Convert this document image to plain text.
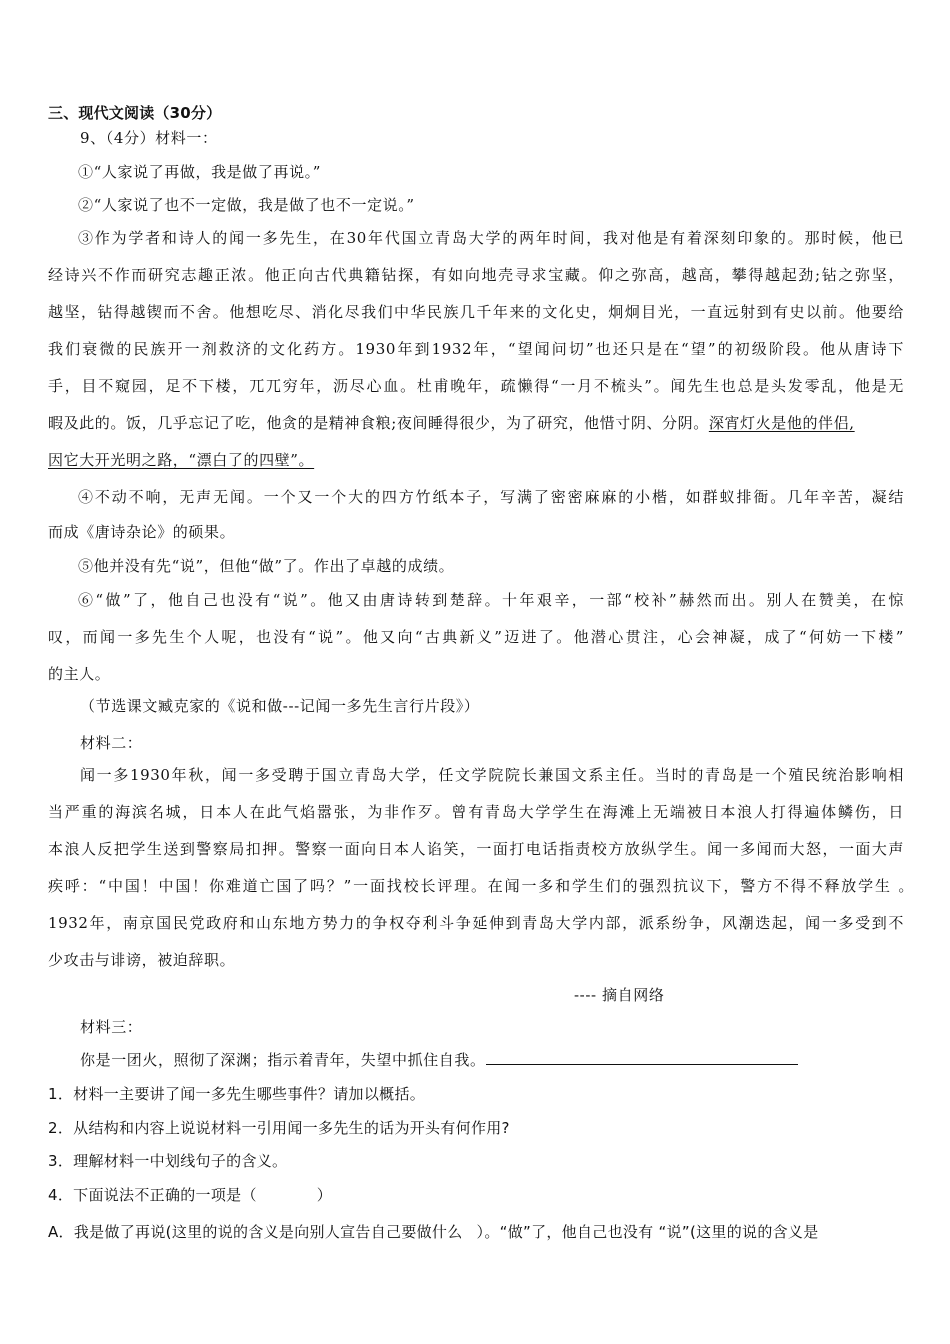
三、现代文阅读（30分）
9、（4分）材料一：
①“人家说了再做，我是做了再说。”
②“人家说了也不一定做，我是做了也不一定说。”
③作为学者和诗人的闻一多先生，在30年代国立青岛大学的两年时间，我对他是有着深刻印象的。那时候，他已
经诗兴不作而研究志趣正浓。他正向古代典籍钻探，有如向地壳寻求宝藏。仰之弥高，越高，攀得越起劲;钻之弥坚，
越坚，钻得越锲而不舍。他想吃尽、消化尽我们中华民族几千年来的文化史，炯炯目光，一直远射到有史以前。他要给
我们衰微的民族开一剂救济的文化药方。1930年到1932年，“望闻问切”也还只是在“望”的初级阶段。他从唐诗下
手，目不窥园，足不下楼，兀兀穷年，沥尽心血。杜甫晚年，疏懒得“一月不梳头”。闻先生也总是头发零乱，他是无
暇及此的。饭，几乎忘记了吃，他贪的是精神食粮;夜间睡得很少，为了研究，他惜寸阴、分阴。深宵灯火是他的伴侣,
因它大开光明之路，“漂白了的四壁”。
④不动不响，无声无闻。一个又一个大的四方竹纸本子，写满了密密麻麻的小楷，如群蚁排衙。几年辛苦，凝结
而成《唐诗杂论》的硕果。
⑤他并没有先“说”，但他“做”了。作出了卓越的成绩。
⑥“做”了，他自己也没有“说”。他又由唐诗转到楚辞。十年艰辛，一部“校补”赫然而出。别人在赞美，在惊
叹，而闻一多先生个人呢，也没有“说”。他又向“古典新义”迈进了。他潜心贯注，心会神凝，成了“何妨一下楼”
的主人。
（节选课文臧克家的《说和做---记闻一多先生言行片段》）
材料二：
闻一多1930年秋，闻一多受聘于国立青岛大学，任文学院院长兼国文系主任。当时的青岛是一个殖民统治影响相
当严重的海滨名城，日本人在此气焰嚣张，为非作歹。曾有青岛大学学生在海滩上无端被日本浪人打得遍体鳞伤，日
本浪人反把学生送到警察局扣押。警察一面向日本人谄笑，一面打电话指责校方放纵学生。闻一多闻而大怒，一面大声
疾呼：“中国！中国！你难道亡国了吗？”一面找校长评理。在闻一多和学生们的强烈抗议下，警方不得不释放学生 。
1932年，南京国民党政府和山东地方势力的争权夺利斗争延伸到青岛大学内部，派系纷争，风潮迭起，闻一多受到不
少攻击与诽谤，被迫辞职。
---- 摘自网络
材料三：
你是一团火，照彻了深渊；指示着青年，失望中抓住自我。
1．材料一主要讲了闻一多先生哪些事件？请加以概括。
2．从结构和内容上说说材料一引用闻一多先生的话为开头有何作用?
3．理解材料一中划线句子的含义。
4．下面说法不正确的一项是（	）
A．我是做了再说(这里的说的含义是向别人宣告自己要做什么 ）。“做”了，他自己也没有 “说”(这里的说的含义是
